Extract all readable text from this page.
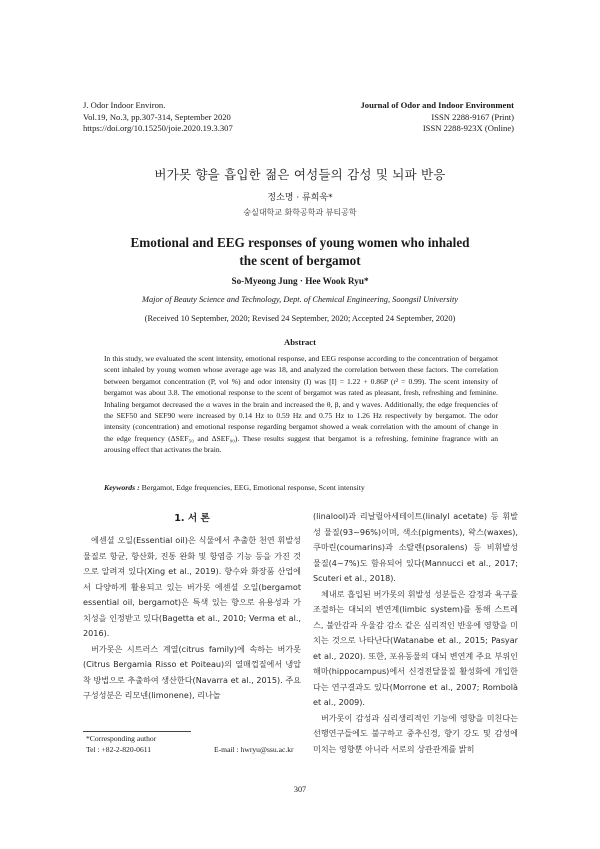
J. Odor Indoor Environ.
Vol.19, No.3, pp.307-314, September 2020
https://doi.org/10.15250/joie.2020.19.3.307
Journal of Odor and Indoor Environment
ISSN 2288-9167 (Print)
ISSN 2288-923X (Online)
버가못 향을 흡입한 젊은 여성들의 감성 및 뇌파 반응
정소명 · 류희욱*
숭실대학교 화학공학과 뷰티공학
Emotional and EEG responses of young women who inhaled
the scent of bergamot
So-Myeong Jung · Hee Wook Ryu*
Major of Beauty Science and Technology, Dept. of Chemical Engineering, Soongsil University
(Received 10 September, 2020; Revised 24 September, 2020; Accepted 24 September, 2020)
Abstract
In this study, we evaluated the scent intensity, emotional response, and EEG response according to the concentration of bergamot scent inhaled by young women whose average age was 18, and analyzed the correlation between these factors. The correlation between bergamot concentration (P, vol %) and odor intensity (I) was [I] = 1.22 + 0.86P (r² = 0.99). The scent intensity of bergamot was about 3.8. The emotional response to the scent of bergamot was rated as pleasant, fresh, refreshing and feminine. Inhaling bergamot decreased the α waves in the brain and increased the θ, β, and γ waves. Additionally, the edge frequencies of the SEF50 and SEF90 were increased by 0.14 Hz to 0.59 Hz and 0.75 Hz to 1.26 Hz respectively by bergamot. The odor intensity (concentration) and emotional response regarding bergamot showed a weak correlation with the amount of change in the edge frequency (ΔSEF₅₀ and ΔSEF₉₀). These results suggest that bergamot is a refreshing, feminine fragrance with an arousing effect that activates the brain.
Keywords : Bergamot, Edge frequencies, EEG, Emotional response, Scent intensity
1. 서 론

에센셜 오일(Essential oil)은 식물에서 추출한 천연 휘발성 물질로 항균, 항산화, 진통 완화 및 항염증 기능 등을 가진 것으로 알려져 있다(Xing et al., 2019). 향수와 화장품 산업에서 다양하게 활용되고 있는 버가못 에센셜 오일(bergamot essential oil, bergamot)은 특색 있는 향으로 유용성과 가치성을 인정받고 있다(Bagetta et al., 2010; Verma et al., 2016).

버가못은 시트러스 계열(citrus family)에 속하는 버가못(Citrus Bergamia Risso et Poiteau)의 열매껍질에서 냉압착 방법으로 추출하여 생산한다(Navarra et al., 2015). 주요 구성성분은 리모넨(limonene), 리나놀

(linalool)과 리날릴아세테이트(linalyl acetate) 등 휘발성 물질(93~96%)이며, 색소(pigments), 왁스(waxes), 쿠마린(coumarins)과 소랄렌(psoralens) 등 비휘발성 물질(4~7%)도 함유되어 있다(Mannucci et al., 2017; Scuteri et al., 2018).

체내로 흡입된 버가못의 휘발성 성분들은 감정과 욕구를 조절하는 대뇌의 변연계(limbic system)를 통해 스트레스, 불안감과 우울감 감소 같은 심리적인 반응에 영향을 미치는 것으로 나타난다(Watanabe et al., 2015; Pasyar et al., 2020). 또한, 포유동물의 대뇌 변연계 주요 부위인 해마(hippocampus)에서 신경전달물질 활성화에 개입한다는 연구결과도 있다(Morrone et al., 2007; Rombolà et al., 2009).

버가못이 감성과 심리생리적인 기능에 영향을 미친다는 선행연구들에도 불구하고 중추신경, 향기 강도 및 감성에 미치는 영향뿐 아니라 서로의 상관관계를 밝히

*Corresponding author
Tel : +82-2-820-0611	E-mail : hwryu@ssu.ac.kr
307
